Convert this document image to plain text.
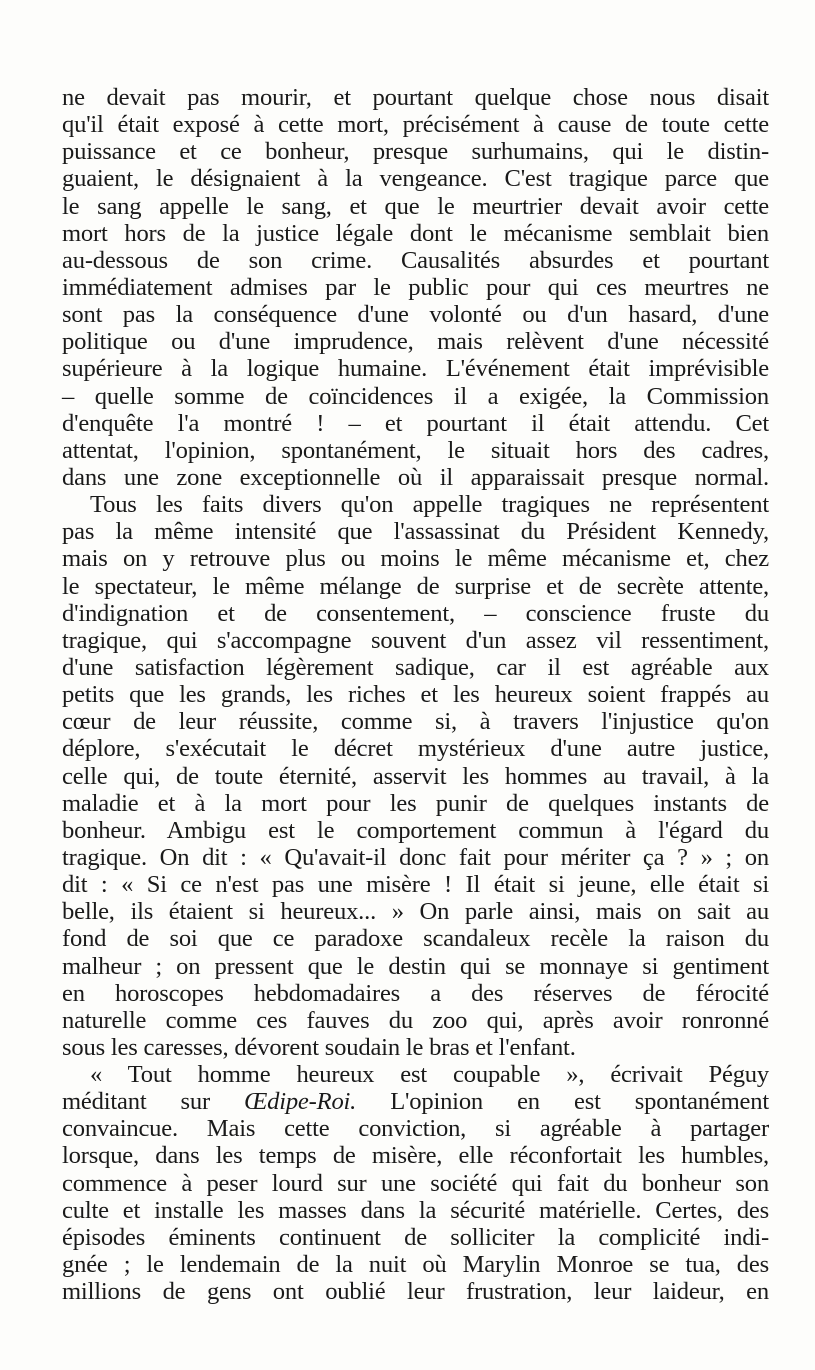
ne devait pas mourir, et pourtant quelque chose nous disait
qu'il était exposé à cette mort, précisément à cause de toute cette
puissance et ce bonheur, presque surhumains, qui le distin-
guaient, le désignaient à la vengeance. C'est tragique parce que
le sang appelle le sang, et que le meurtrier devait avoir cette
mort hors de la justice légale dont le mécanisme semblait bien
au-dessous de son crime. Causalités absurdes et pourtant
immédiatement admises par le public pour qui ces meurtres ne
sont pas la conséquence d'une volonté ou d'un hasard, d'une
politique ou d'une imprudence, mais relèvent d'une nécessité
supérieure à la logique humaine. L'événement était imprévisible
– quelle somme de coïncidences il a exigée, la Commission
d'enquête l'a montré ! – et pourtant il était attendu. Cet
attentat, l'opinion, spontanément, le situait hors des cadres,
dans une zone exceptionnelle où il apparaissait presque normal.
Tous les faits divers qu'on appelle tragiques ne représentent
pas la même intensité que l'assassinat du Président Kennedy,
mais on y retrouve plus ou moins le même mécanisme et, chez
le spectateur, le même mélange de surprise et de secrète attente,
d'indignation et de consentement, – conscience fruste du
tragique, qui s'accompagne souvent d'un assez vil ressentiment,
d'une satisfaction légèrement sadique, car il est agréable aux
petits que les grands, les riches et les heureux soient frappés au
cœur de leur réussite, comme si, à travers l'injustice qu'on
déplore, s'exécutait le décret mystérieux d'une autre justice,
celle qui, de toute éternité, asservit les hommes au travail, à la
maladie et à la mort pour les punir de quelques instants de
bonheur. Ambigu est le comportement commun à l'égard du
tragique. On dit : « Qu'avait-il donc fait pour mériter ça ? » ; on
dit : « Si ce n'est pas une misère ! Il était si jeune, elle était si
belle, ils étaient si heureux... » On parle ainsi, mais on sait au
fond de soi que ce paradoxe scandaleux recèle la raison du
malheur ; on pressent que le destin qui se monnaye si gentiment
en horoscopes hebdomadaires a des réserves de férocité
naturelle comme ces fauves du zoo qui, après avoir ronronné
sous les caresses, dévorent soudain le bras et l'enfant.
« Tout homme heureux est coupable », écrivait Péguy
méditant sur Œdipe-Roi. L'opinion en est spontanément
convaincue. Mais cette conviction, si agréable à partager
lorsque, dans les temps de misère, elle réconfortait les humbles,
commence à peser lourd sur une société qui fait du bonheur son
culte et installe les masses dans la sécurité matérielle. Certes, des
épisodes éminents continuent de solliciter la complicité indi-
gnée ; le lendemain de la nuit où Marylin Monroe se tua, des
millions de gens ont oublié leur frustration, leur laideur, en
